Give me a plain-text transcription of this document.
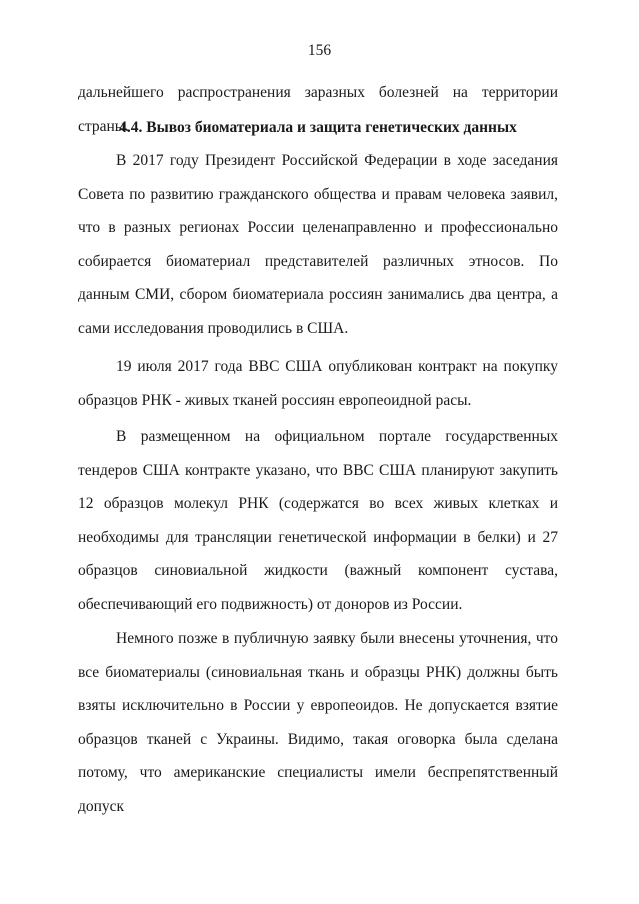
156
дальнейшего распространения заразных болезней на территории страны.
4.4. Вывоз биоматериала и защита генетических данных
В 2017 году Президент Российской Федерации в ходе заседания Совета по развитию гражданского общества и правам человека заявил, что в разных регионах России целенаправленно и профессионально собирается биоматериал представителей различных этносов. По данным СМИ, сбором биоматериала россиян занимались два центра, а сами исследования проводились в США.
19 июля 2017 года ВВС США опубликован контракт на покупку образцов РНК - живых тканей россиян европеоидной расы.
В размещенном на официальном портале государственных тендеров США контракте указано, что ВВС США планируют закупить 12 образцов молекул РНК (содержатся во всех живых клетках и необходимы для трансляции генетической информации в белки) и 27 образцов синовиальной жидкости (важный компонент сустава, обеспечивающий его подвижность) от доноров из России.
Немного позже в публичную заявку были внесены уточнения, что все биоматериалы (синовиальная ткань и образцы РНК) должны быть взяты исключительно в России у европеоидов. Не допускается взятие образцов тканей с Украины. Видимо, такая оговорка была сделана потому, что американские специалисты имели беспрепятственный допуск
